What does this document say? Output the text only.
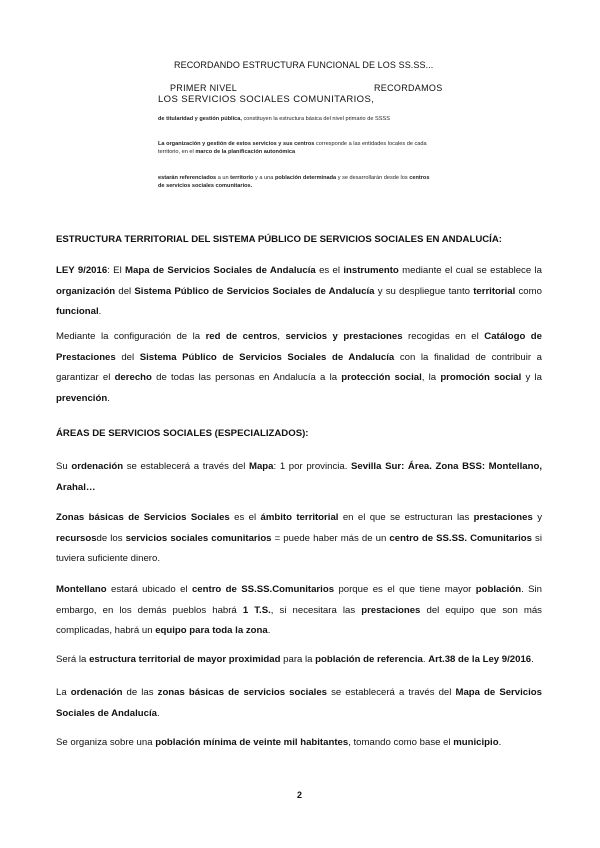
RECORDANDO ESTRUCTURA FUNCIONAL DE LOS SS.SS...
PRIMER NIVEL	RECORDAMOS
LOS SERVICIOS SOCIALES COMUNITARIOS,
de titularidad y gestión pública, constituyen la estructura básica del nivel primario de SSSS
La organización y gestión de estos servicios y sus centros corresponde a las entidades locales de cada territorio, en el marco de la planificación autonómica
estarán referenciados a un territorio y a una población determinada y se desarrollarán desde los centros de servicios sociales comunitarios.
ESTRUCTURA TERRITORIAL DEL SISTEMA PÚBLICO DE SERVICIOS SOCIALES EN ANDALUCÍA:
LEY 9/2016: El Mapa de Servicios Sociales de Andalucía es el instrumento mediante el cual se establece la organización del Sistema Público de Servicios Sociales de Andalucía y su despliegue tanto territorial como funcional.
Mediante la configuración de la red de centros, servicios y prestaciones recogidas en el Catálogo de Prestaciones del Sistema Público de Servicios Sociales de Andalucía con la finalidad de contribuir a garantizar el derecho de todas las personas en Andalucía a la protección social, la promoción social y la prevención.
ÁREAS DE SERVICIOS SOCIALES (ESPECIALIZADOS):
Su ordenación se establecerá a través del Mapa: 1 por provincia. Sevilla Sur: Área. Zona BSS: Montellano, Arahal…
Zonas básicas de Servicios Sociales es el ámbito territorial en el que se estructuran las prestaciones y recursosde los servicios sociales comunitarios = puede haber más de un centro de SS.SS. Comunitarios si tuviera suficiente dinero.
Montellano estará ubicado el centro de SS.SS.Comunitarios porque es el que tiene mayor población. Sin embargo, en los demás pueblos habrá 1 T.S., si necesitara las prestaciones del equipo que son más complicadas, habrá un equipo para toda la zona.
Será la estructura territorial de mayor proximidad para la población de referencia. Art.38 de la Ley 9/2016.
La ordenación de las zonas básicas de servicios sociales se establecerá a través del Mapa de Servicios Sociales de Andalucía.
Se organiza sobre una población mínima de veinte mil habitantes, tomando como base el municipio.
2
